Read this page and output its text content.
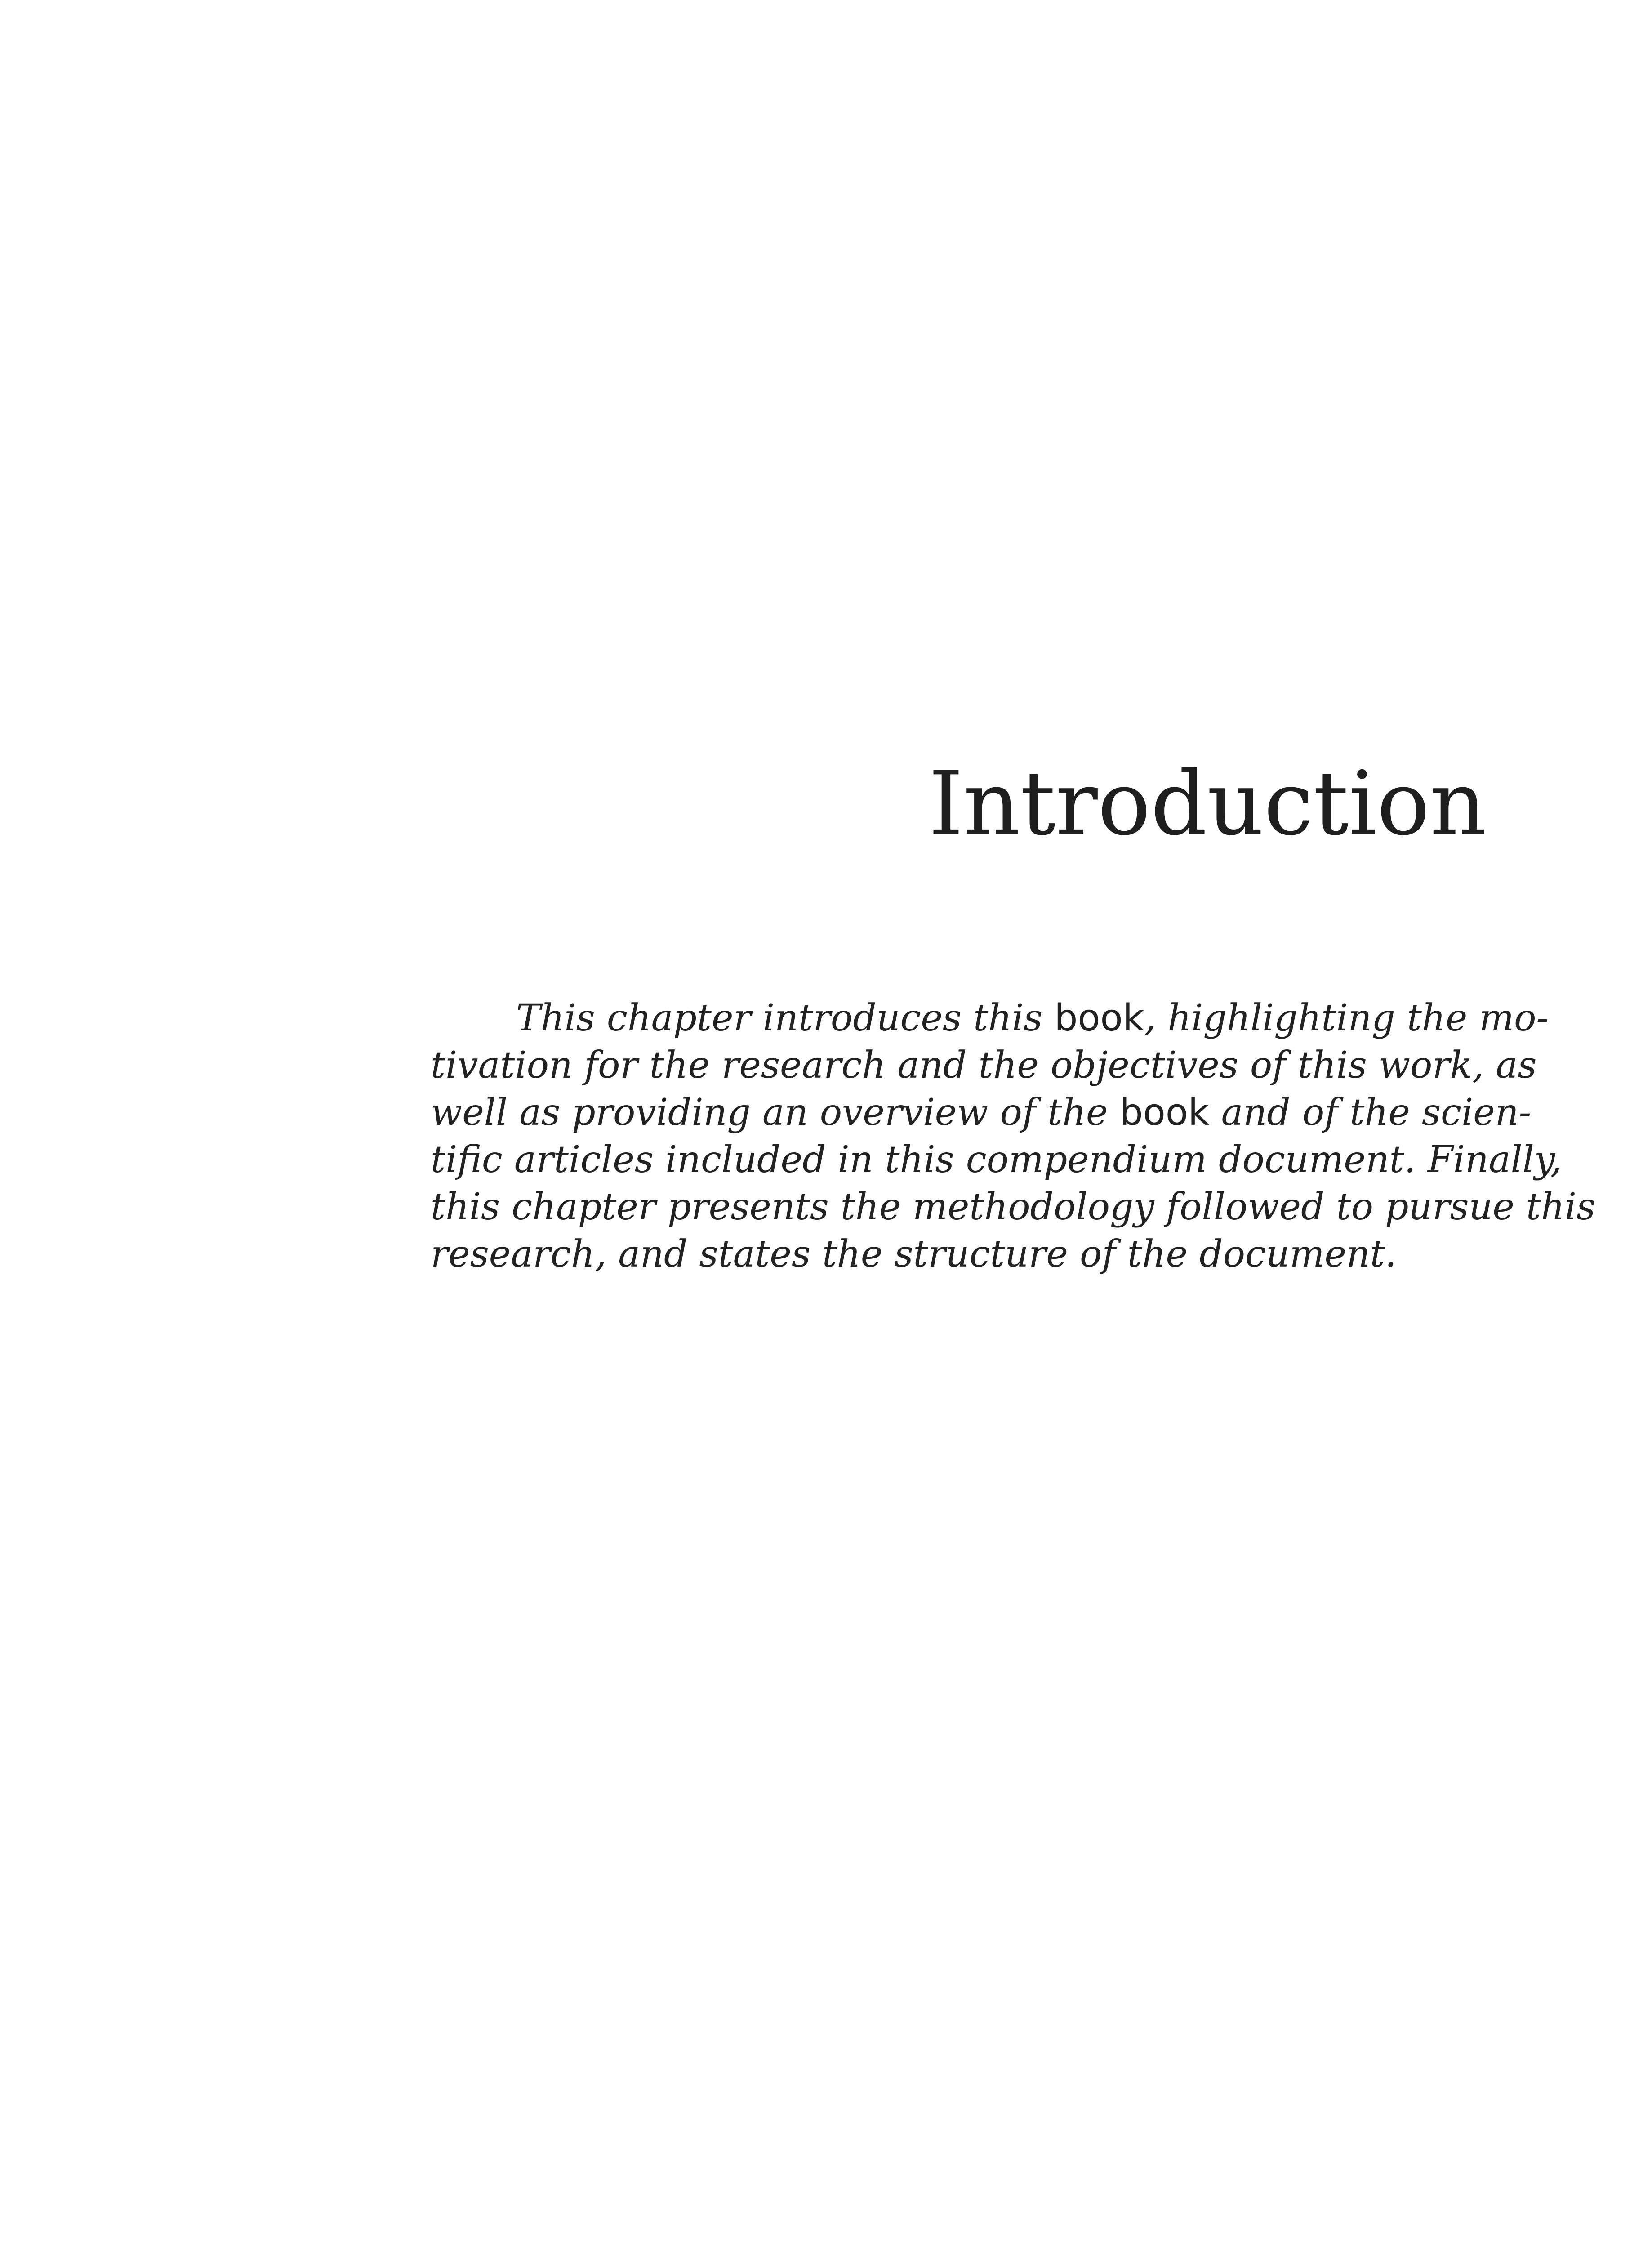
Introduction
This chapter introduces this book, highlighting the mo-
tivation for the research and the objectives of this work, as
well as providing an overview of the book and of the scien-
tific articles included in this compendium document. Finally,
this chapter presents the methodology followed to pursue this
research, and states the structure of the document.
